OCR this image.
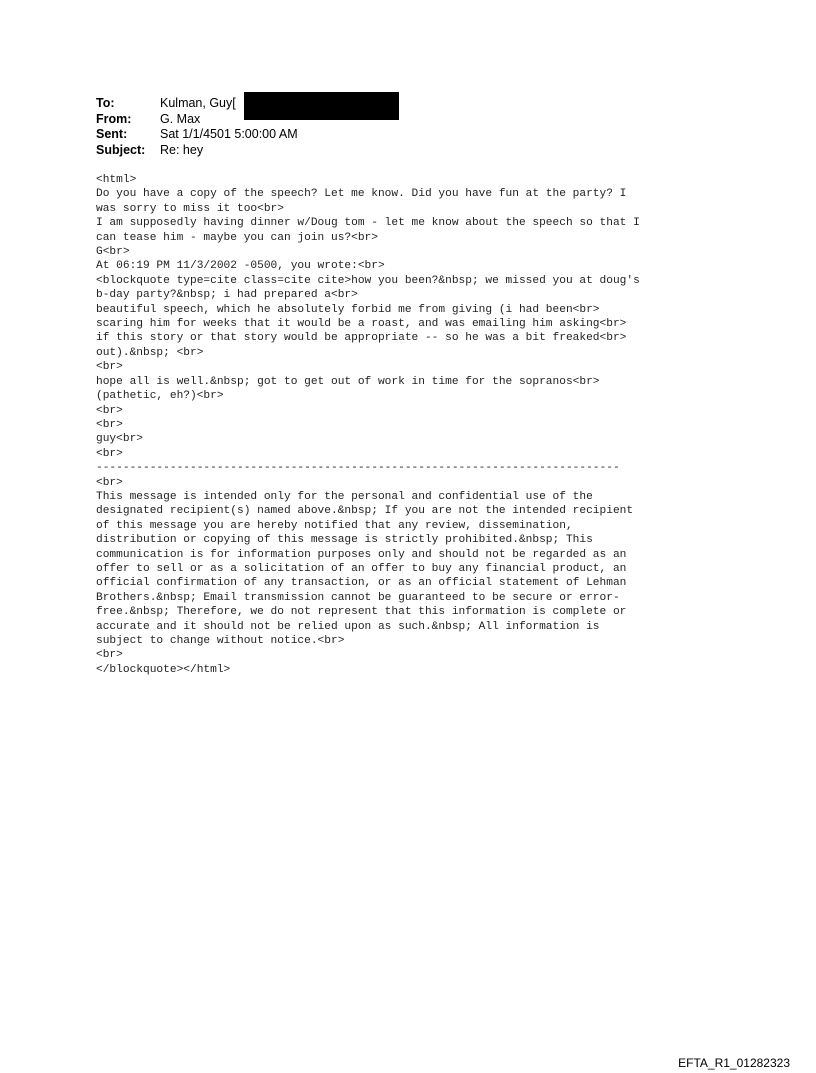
To:	Kulman, Guy[
From:	G. Max
Sent:	Sat 1/1/4501 5:00:00 AM
Subject:	Re: hey
<html>
Do you have a copy of the speech? Let me know. Did you have fun at the party? I
was sorry to miss it too<br>
I am supposedly having dinner w/Doug tom - let me know about the speech so that I
can tease him - maybe you can join us?<br>
G<br>
At 06:19 PM 11/3/2002 -0500, you wrote:<br>
<blockquote type=cite class=cite cite>how you been?&nbsp; we missed you at doug's
b-day party?&nbsp; i had prepared a<br>
beautiful speech, which he absolutely forbid me from giving (i had been<br>
scaring him for weeks that it would be a roast, and was emailing him asking<br>
if this story or that story would be appropriate -- so he was a bit freaked<br>
out).&nbsp; <br>
<br>
hope all is well.&nbsp; got to get out of work in time for the sopranos<br>
(pathetic, eh?)<br>
<br>
<br>
guy<br>
<br>
------------------------------------------------------------------------------
<br>
This message is intended only for the personal and confidential use of the
designated recipient(s) named above.&nbsp; If you are not the intended recipient
of this message you are hereby notified that any review, dissemination,
distribution or copying of this message is strictly prohibited.&nbsp; This
communication is for information purposes only and should not be regarded as an
offer to sell or as a solicitation of an offer to buy any financial product, an
official confirmation of any transaction, or as an official statement of Lehman
Brothers.&nbsp; Email transmission cannot be guaranteed to be secure or error-
free.&nbsp; Therefore, we do not represent that this information is complete or
accurate and it should not be relied upon as such.&nbsp; All information is
subject to change without notice.<br>
<br>
</blockquote></html>

EFTA_R1_01282323
